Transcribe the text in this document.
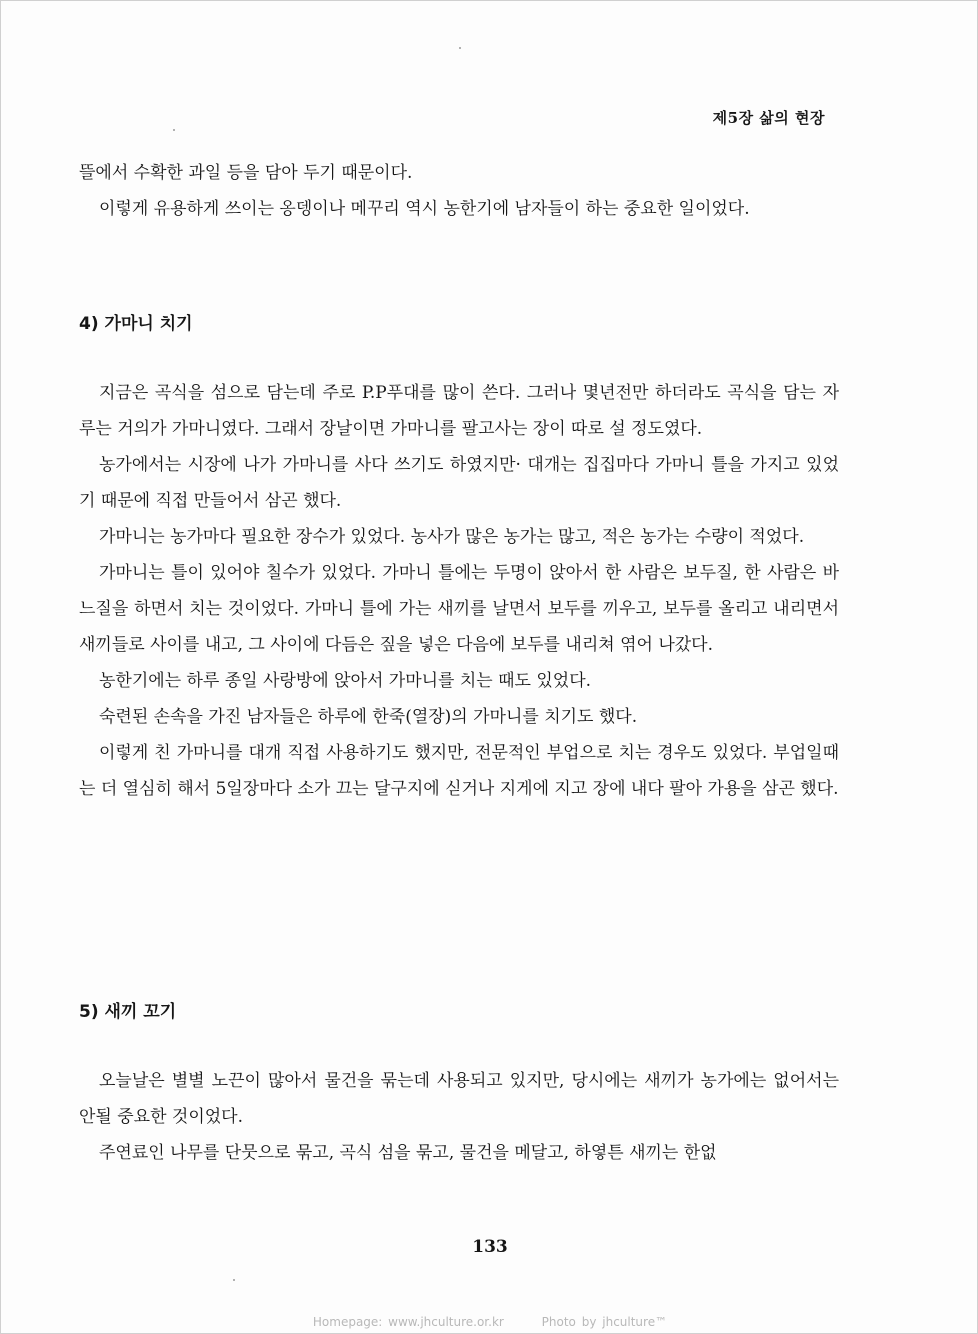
제5장 삶의 현장

뜰에서 수확한 과일 등을 담아 두기 때문이다.

이렇게 유용하게 쓰이는 옹뎅이나 메꾸리 역시 농한기에 남자들이 하는 중요한 일이었다.

4) 가마니 치기

지금은 곡식을 섬으로 담는데 주로 P.P푸대를 많이 쓴다. 그러나 몇년전만 하더라도 곡식을 담는 자루는 거의가 가마니였다. 그래서 장날이면 가마니를 팔고사는 장이 따로 설 정도였다.

농가에서는 시장에 나가 가마니를 사다 쓰기도 하였지만· 대개는 집집마다 가마니 틀을 가지고 있었기 때문에 직접 만들어서 삼곤 했다.

가마니는 농가마다 필요한 장수가 있었다. 농사가 많은 농가는 많고, 적은 농가는 수량이 적었다.

가마니는 틀이 있어야 칠수가 있었다. 가마니 틀에는 두명이 앉아서 한 사람은 보두질, 한 사람은 바느질을 하면서 치는 것이었다. 가마니 틀에 가는 새끼를 날면서 보두를 끼우고, 보두를 올리고 내리면서 새끼들로 사이를 내고, 그 사이에 다듬은 짚을 넣은 다음에 보두를 내리쳐 엮어 나갔다.

농한기에는 하루 종일 사랑방에 앉아서 가마니를 치는 때도 있었다.

숙련된 손속을 가진 남자들은 하루에 한죽(열장)의 가마니를 치기도 했다.

이렇게 친 가마니를 대개 직접 사용하기도 했지만, 전문적인 부업으로 치는 경우도 있었다. 부업일때는 더 열심히 해서 5일장마다 소가 끄는 달구지에 싣거나 지게에 지고 장에 내다 팔아 가용을 삼곤 했다.

5) 새끼 꼬기

오늘날은 별별 노끈이 많아서 물건을 묶는데 사용되고 있지만, 당시에는 새끼가 농가에는 없어서는 안될 중요한 것이었다.

주연료인 나무를 단뭇으로 묶고, 곡식 섬을 묶고, 물건을 메달고, 하옇튼 새끼는 한없

133
Homepage: www.jhculture.or.kr	Photo by jhculture™
